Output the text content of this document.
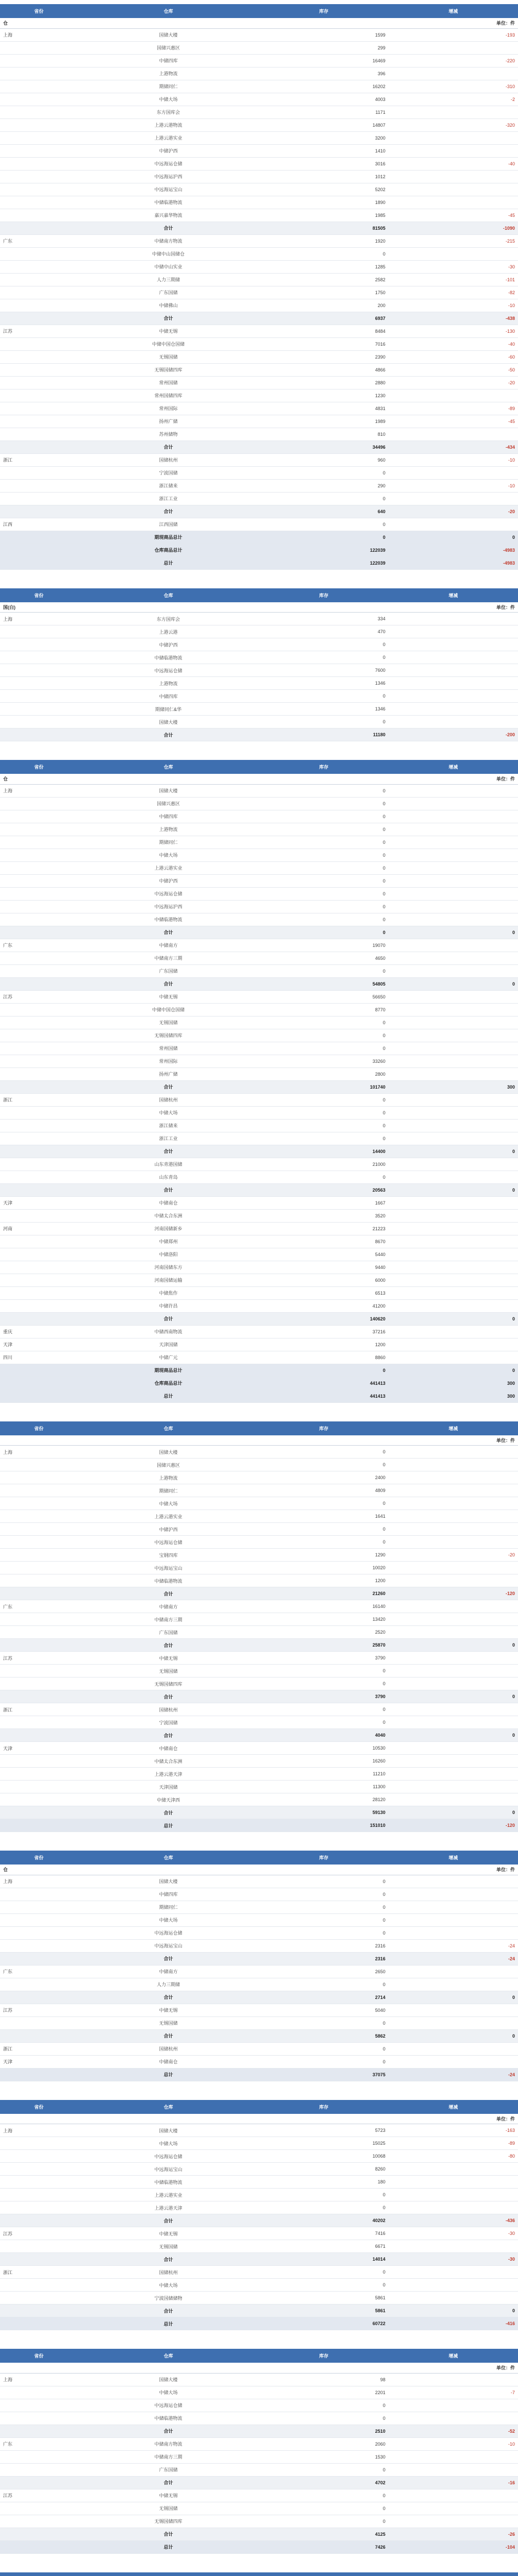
省份	仓库	库存	增减
仓			单位：件
上海	国储大楼	1599	-193
	国储兴惠区	299	
	中储四库	16469	-220
	上港物流	396	
	期储同仁	16202	-310
	中储大场	4003	-2
	东方国库会	1171	
	上港云港物流	14807	-320
	上港云港实业	3200	
	中储沪西	1410	
	中远海运仓储	3016	-40
	中远海运沪西	1012	
	中远海运宝山	5202	
	中储临港物流	1890	
	嘉兴嘉华物流	1985	-45
	合计	81505	-1090
广东	中储南方物流	1920	-215
	中储中山国储仓	0	
	中储中山实业	1285	-30
	人力三期储	2582	-101
	广东国储	1750	-82
	中储佛山	200	-10
	合计	6937	-438
江苏	中储无锡	8484	-130
	中储中国仓国储	7016	-40
	无锡国储	2390	-60
	无锡国储四库	4866	-50
	常州国储	2880	-20
	常州国储四库	1230	
	常州国际	4831	-89
	扬州广储	1989	-45
	苏州储物	810	
	合计	34496	-434
浙江	国储杭州	960	-10
	宁波国储	0	
	浙江储来	290	-10
	浙江工业	0	
	合计	640	-20
江西	江西国储	0	
	期现商品总计	0	0
	仓库商品总计	122039	-4983
	总计	122039	-4983
省份	仓库	库存	增减
国(白)			单位：件
上海	东方国库会	334	
	上港云港	470	
	中储沪西	0	
	中储临港物流	0	
	中远海运仓储	7600	
	上港物流	1346	
	中储四库	0	
	期储同仁&华	1346	
	国储大楼	0	
	合计	11180	-200
省份	仓库	库存	增减
仓			单位：件
上海	国储大楼	0	
	国储兴惠区	0	
	中储四库	0	
	上港物流	0	
	期储同仁	0	
	中储大场	0	
	上港云港实业	0	
	中储沪西	0	
	中远海运仓储	0	
	中远海运沪西	0	
	中储临港物流	0	
	合计	0	0
广东	中储南方	19070	
	中储南方三期	4650	
	广东国储	0	
	合计	54805	0
江苏	中储无锡	56650	
	中储中国仓国储	8770	
	无锡国储	0	
	无锡国储四库	0	
	常州国储	0	
	常州国际	33260	
	扬州广储	2800	
	合计	101740	300
浙江	国储杭州	0	
	中储大场	0	
	浙江储来	0	
	浙江工业	0	
	合计	14400	0
	山东青港国储	21000	
	山东青岛	0	
	合计	20563	0
天津	中储南仓	1667	
	中储太合东洲	3520	
河南	河南国储新乡	21223	
	中储郑州	8670	
	中储洛阳	5440	
	河南国储东方	9440	
	河南国储运输	6000	
	中储焦作	6513	
	中储许昌	41200	
	合计	140620	0
重庆	中储西南物流	37216	
天津	天津国储	1200	
四川	中储广元	8860	
	期现商品总计	0	0
	仓库商品总计	441413	300
	总计	441413	300
省份	仓库	库存	增减
			单位：件
上海	国储大楼	0	
	国储兴惠区	0	
	上港物流	2400	
	期储同仁	4809	
	中储大场	0	
	上港云港实业	1641	
	中储沪西	0	
	中远海运仓储	0	
	宝钢四库	1290	-20
	中远海运宝山	10020	
	中储临港物流	1200	
	合计	21260	-120
广东	中储南方	16140	
	中储南方三期	13420	
	广东国储	2520	
	合计	25870	0
江苏	中储无锡	3790	
	无锡国储	0	
	无锡国储四库	0	
	合计	3790	0
浙江	国储杭州	0	
	宁波国储	0	
	合计	4040	0
天津	中储南仓	10530	
	中储太合东洲	16260	
	上港云港天津	11210	
	天津国储	11300	
	中储天津西	28120	
	合计	59130	0
	总计	151010	-120
省份	仓库	库存	增减
仓			单位：件
上海	国储大楼	0	
	中储四库	0	
	期储同仁	0	
	中储大场	0	
	中远海运仓储	0	
	中远海运宝山	2316	-24
	合计	2316	-24
广东	中储南方	2650	
	人力三期储	0	
	合计	2714	0
江苏	中储无锡	5040	
	无锡国储	0	
	合计	5862	0
浙江	国储杭州	0	
天津	中储南仓	0	
	总计	37075	-24
省份	仓库	库存	增减
			单位：件
上海	国储大楼	5723	-163
	中储大场	15025	-89
	中远海运仓储	10068	-80
	中远海运宝山	8260	
	中储临港物流	180	
	上港云港实业	0	
	上港云港天津	0	
	合计	40202	-436
江苏	中储无锡	7416	-30
	无锡国储	6671	
	合计	14014	-30
浙江	国储杭州	0	
	中储大场	0	
	宁波国储储物	5861	
	合计	5861	0
	总计	60722	-416
省份	仓库	库存	增减
			单位：件
上海	国储大楼	98	
	中储大场	2201	-7
	中远海运仓储	0	
	中储临港物流	0	
	合计	2510	-52
广东	中储南方物流	2060	-10
	中储南方三期	1530	
	广东国储	0	
	合计	4702	-16
江苏	中储无锡	0	
	无锡国储	0	
	无锡国储四库	0	
	合计	4125	-26
	总计	7426	-104
